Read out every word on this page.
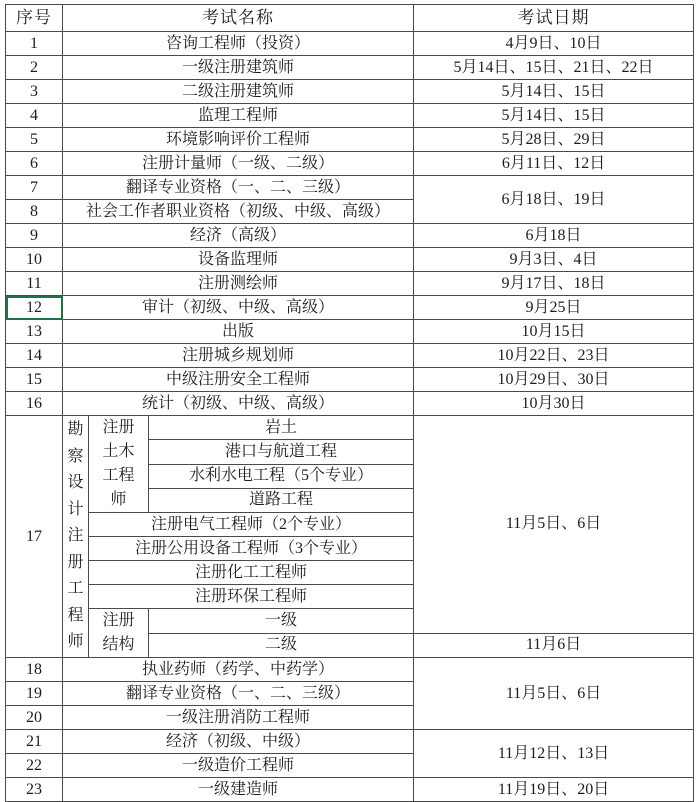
序号	考试名称			考试日期
1	咨询工程师（投资）			4月9日、10日
2	一级注册建筑师			5月14日、15日、21日、22日
3	二级注册建筑师			5月14日、15日
4	监理工程师			5月14日、15日
5	环境影响评价工程师			5月28日、29日
6	注册计量师（一级、二级）			6月11日、12日
7	翻译专业资格（一、二、三级）			6月18日、19日
8	社会工作者职业资格（初级、中级、高级）			
9	经济（高级）			6月18日
10	设备监理师			9月3日、4日
11	注册测绘师			9月17日、18日
12	审计（初级、中级、高级）			9月25日
13	出版			10月15日
14	注册城乡规划师			10月22日、23日
15	中级注册安全工程师			10月29日、30日
16	统计（初级、中级、高级）			10月30日
17	勘察设计注册工程师	注册土木工程师	岩土	11月5日、6日
			港口与航道工程	
			水利水电工程（5个专业）	
			道路工程	
		注册电气工程师（2个专业）		
		注册公用设备工程师（3个专业）		
		注册化工工程师		
		注册环保工程师		
		注册结构	一级	
			二级	11月6日
18	执业药师（药学、中药学）			11月5日、6日
19	翻译专业资格（一、二、三级）			
20	一级注册消防工程师			
21	经济（初级、中级）			11月12日、13日
22	一级造价工程师			
23	一级建造师			11月19日、20日
